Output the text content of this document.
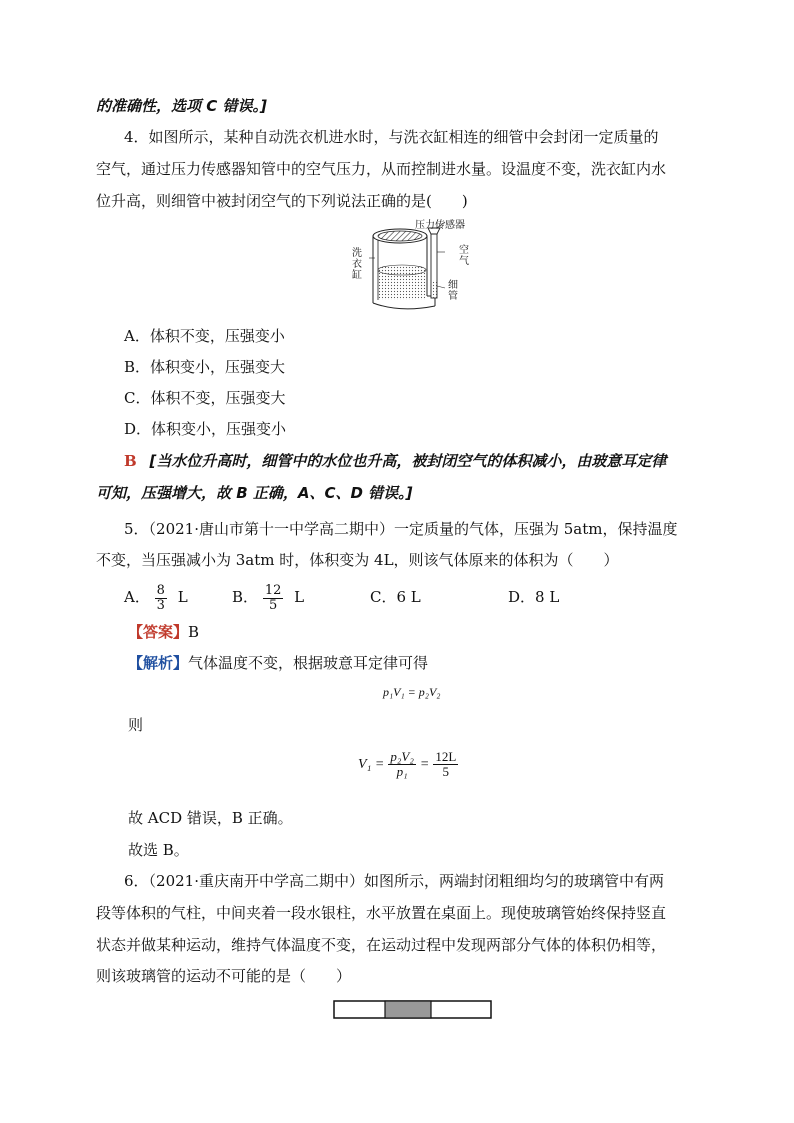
的准确性，选项 C 错误。]
4．如图所示，某种自动洗衣机进水时，与洗衣缸相连的细管中会封闭一定质量的
空气，通过压力传感器知管中的空气压力，从而控制进水量。设温度不变，洗衣缸内水
位升高，则细管中被封闭空气的下列说法正确的是(　　)
压力传感器
洗衣缸
空气
细管
A．体积不变，压强变小
B．体积变小，压强变大
C．体积不变，压强变大
D．体积变小，压强变小
B [当水位升高时，细管中的水位也升高，被封闭空气的体积减小，由玻意耳定律
可知，压强增大，故 B 正确，A、C、D 错误。]
5．（2021·唐山市第十一中学高二期中）一定质量的气体，压强为 5atm，保持温度
不变，当压强减小为 3atm 时，体积变为 4L，则该气体原来的体积为（　　）
A． $\frac{8}{3}$ L	B． $\frac{12}{5}$ L	C．6 L	D．8 L
【答案】B
【解析】气体温度不变，根据玻意耳定律可得
p₁V₁ = p₂V₂
则
$V_1 = \frac{\text{p₂V₂}}{\text{p₁}} = \frac{12L}{5}$
故 ACD 错误，B 正确。
故选 B。
6．（2021·重庆南开中学高二期中）如图所示，两端封闭粗细均匀的玻璃管中有两
段等体积的气柱，中间夹着一段水银柱，水平放置在桌面上。现使玻璃管始终保持竖直
状态并做某种运动，维持气体温度不变，在运动过程中发现两部分气体的体积仍相等，
则该玻璃管的运动不可能的是（　　）
